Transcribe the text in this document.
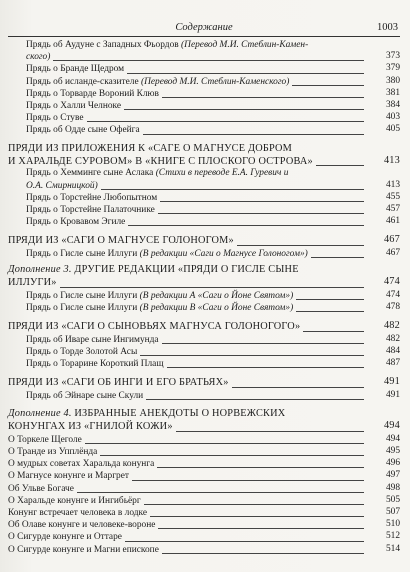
Содержание	1003
Прядь об Аудуне с Западных Фьордов (Перевод М.И. Стеблин-Камен-
ского)	373
Прядь о Бранде Щедром	379
Прядь об исланде-сказителе
(Перевод М.И. Стеблин-Каменского)	380
Прядь о Торварде Вороний Клюв	381
Прядь о Халли Челноке	384
Прядь о Стуве	403
Прядь об Одде сыне Офейга	405
ПРЯДИ ИЗ ПРИЛОЖЕНИЯ К «САГЕ О МАГНУСЕ ДОБРОМ
И ХАРАЛЬДЕ СУРОВОМ» В «КНИГЕ С ПЛОСКОГО ОСТРОВА»	413
Прядь о Хемминге сыне Аслака (Стихи в переводе Е.А. Гуревич и
О.А. Смирницкой)	413
Прядь о Торстейне Любопытном	455
Прядь о Торстейне Палаточнике	457
Прядь о Кровавом Эгиле	461
ПРЯДИ ИЗ «САГИ О МАГНУСЕ ГОЛОНОГОМ»	467
Прядь о Гисле сыне Иллуги
(В редакции «Саги о Магнусе Голоногом»)	467
Дополнение 3. ДРУГИЕ РЕДАКЦИИ «ПРЯДИ О ГИСЛЕ СЫНЕ
ИЛЛУГИ»	474
Прядь о Гисле сыне Иллуги
(В редакции А «Саги о Йоне Святом»)	474
Прядь о Гисле сыне Иллуги
(В редакции В «Саги о Йоне Святом»)	478
ПРЯДИ ИЗ «САГИ О СЫНОВЬЯХ МАГНУСА ГОЛОНОГОГО»	482
Прядь об Иваре сыне Ингимунда	482
Прядь о Торде Золотой Асы	484
Прядь о Торарине Короткий Плащ	487
ПРЯДИ ИЗ «САГИ ОБ ИНГИ И ЕГО БРАТЬЯХ»	491
Прядь об Эйнаре сыне Скули	491
Дополнение 4. ИЗБРАННЫЕ АНЕКДОТЫ О НОРВЕЖСКИХ
КОНУНГАХ ИЗ «ГНИЛОЙ КОЖИ»	494
О Торкеле Щеголе	494
О Транде из Упплёнда	495
О мудрых советах Харальда конунга	496
О Магнусе конунге и Маргрет	497
Об Ульве Богаче	498
О Харальде конунге и Ингибьёрг	505
Конунг встречает человека в лодке	507
Об Олаве конунге и человеке-вороне	510
О Сигурде конунге и Оттаре	512
О Сигурде конунге и Магни епископе	514
